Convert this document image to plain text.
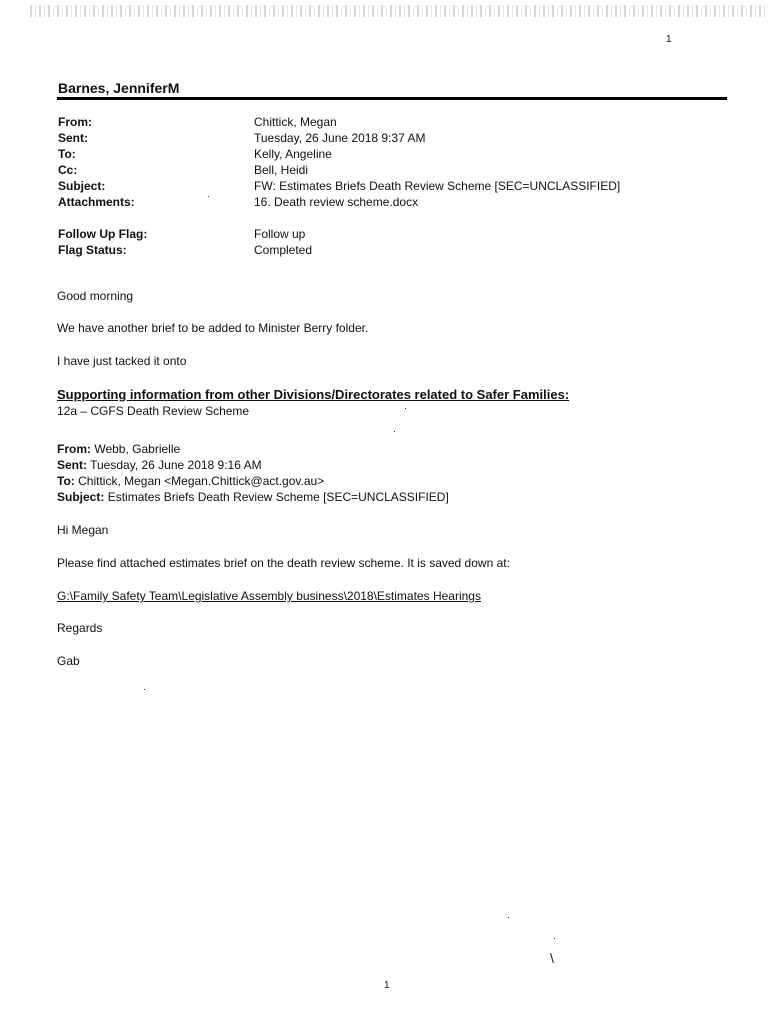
1
Barnes, JenniferM
From:	Chittick, Megan
Sent:	Tuesday, 26 June 2018 9:37 AM
To:	Kelly, Angeline
Cc:	Bell, Heidi
Subject:	FW: Estimates Briefs Death Review Scheme [SEC=UNCLASSIFIED]
Attachments:	16. Death review scheme.docx
Follow Up Flag:	Follow up
Flag Status:	Completed
Good morning
We have another brief to be added to Minister Berry folder.
I have just tacked it onto
Supporting information from other Divisions/Directorates related to Safer Families:
12a – CGFS Death Review Scheme
From: Webb, Gabrielle
Sent: Tuesday, 26 June 2018 9:16 AM
To: Chittick, Megan <Megan.Chittick@act.gov.au>
Subject: Estimates Briefs Death Review Scheme [SEC=UNCLASSIFIED]
Hi Megan
Please find attached estimates brief on the death review scheme. It is saved down at:
G:\Family Safety Team\Legislative Assembly business\2018\Estimates Hearings
Regards
Gab
\
1
